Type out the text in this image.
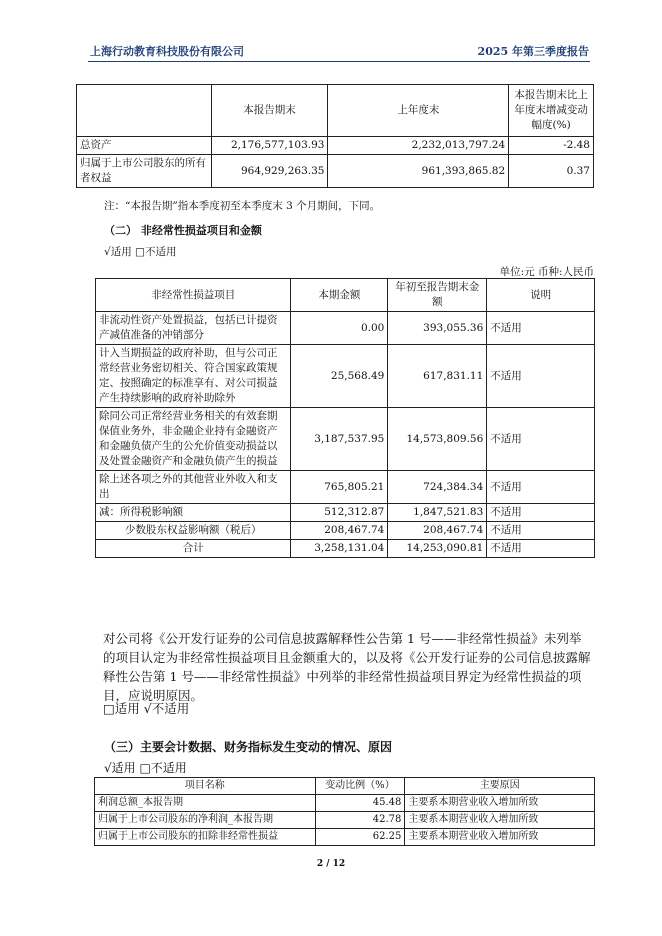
上海行动教育科技股份有限公司	2025 年第三季度报告
	本报告期末	上年度末	本报告期末比上年度末增减变动幅度(%)
总资产	2,176,577,103.93	2,232,013,797.24	-2.48
归属于上市公司股东的所有者权益	964,929,263.35	961,393,865.82	0.37
注：“本报告期”指本季度初至本季度末 3 个月期间，下同。
（二） 非经常性损益项目和金额
√适用 □不适用
单位:元 币种:人民币
非经常性损益项目	本期金额	年初至报告期末金额	说明
非流动性资产处置损益，包括已计提资产减值准备的冲销部分	0.00	393,055.36	不适用
计入当期损益的政府补助，但与公司正常经营业务密切相关、符合国家政策规定、按照确定的标准享有、对公司损益产生持续影响的政府补助除外	25,568.49	617,831.11	不适用
除同公司正常经营业务相关的有效套期保值业务外，非金融企业持有金融资产和金融负债产生的公允价值变动损益以及处置金融资产和金融负债产生的损益	3,187,537.95	14,573,809.56	不适用
除上述各项之外的其他营业外收入和支出	765,805.21	724,384.34	不适用
减：所得税影响额	512,312.87	1,847,521.83	不适用
少数股东权益影响额（税后）	208,467.74	208,467.74	不适用
合计	3,258,131.04	14,253,090.81	不适用
对公司将《公开发行证券的公司信息披露解释性公告第 1 号——非经常性损益》未列举的项目认定为非经常性损益项目且金额重大的，以及将《公开发行证券的公司信息披露解释性公告第 1 号——非经常性损益》中列举的非经常性损益项目界定为经常性损益的项目，应说明原因。
□适用 √不适用
（三）主要会计数据、财务指标发生变动的情况、原因
√适用 □不适用
项目名称	变动比例（%）	主要原因
利润总额_本报告期	45.48	主要系本期营业收入增加所致
归属于上市公司股东的净利润_本报告期	42.78	主要系本期营业收入增加所致
归属于上市公司股东的扣除非经常性损益	62.25	主要系本期营业收入增加所致
2 / 12
